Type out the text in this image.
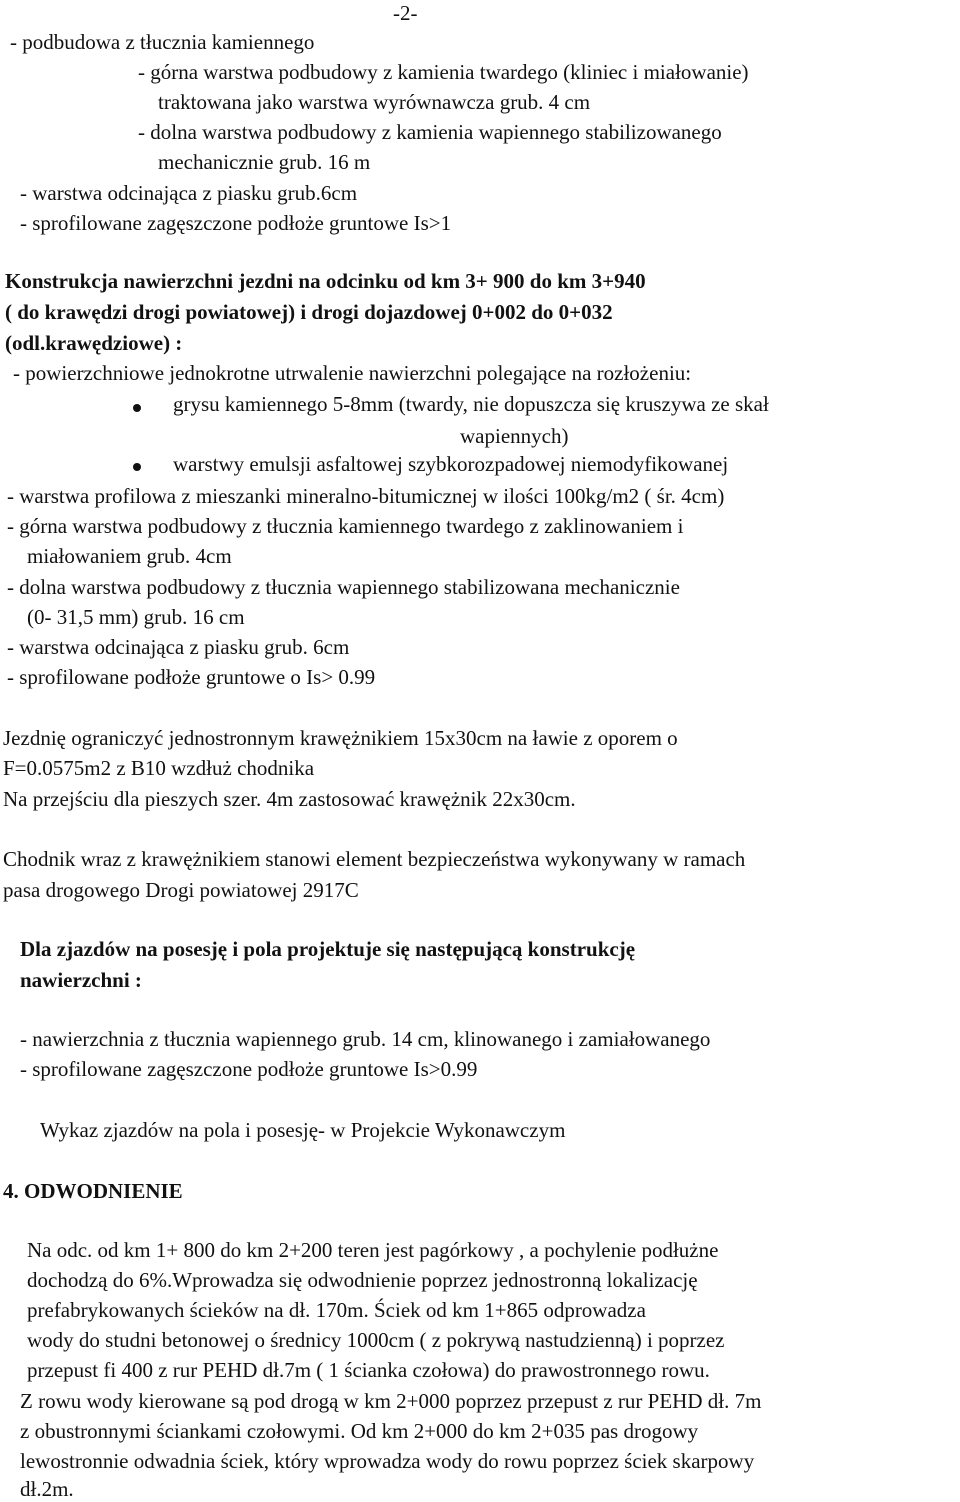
-2-
- podbudowa z tłucznia kamiennego
- górna warstwa podbudowy z kamienia twardego (kliniec i miałowanie)
traktowana jako warstwa wyrównawcza grub. 4 cm
- dolna warstwa podbudowy z kamienia wapiennego stabilizowanego
mechanicznie grub. 16 m
- warstwa odcinająca z piasku grub.6cm
- sprofilowane zagęszczone podłoże gruntowe Is>1
Konstrukcja nawierzchni jezdni na odcinku od km 3+ 900 do km 3+940
( do krawędzi drogi powiatowej) i drogi dojazdowej 0+002 do 0+032
(odl.krawędziowe) :
- powierzchniowe jednokrotne utrwalenie nawierzchni polegające na rozłożeniu:
grysu kamiennego 5-8mm (twardy, nie dopuszcza się kruszywa ze skał
wapiennych)
warstwy emulsji asfaltowej szybkorozpadowej niemodyfikowanej
- warstwa profilowa z mieszanki mineralno-bitumicznej w ilości 100kg/m2 ( śr. 4cm)
- górna warstwa podbudowy z tłucznia kamiennego twardego z zaklinowaniem i
miałowaniem grub. 4cm
- dolna warstwa podbudowy z tłucznia wapiennego stabilizowana mechanicznie
(0- 31,5 mm) grub. 16 cm
- warstwa odcinająca z piasku grub. 6cm
- sprofilowane podłoże gruntowe o Is> 0.99
Jezdnię ograniczyć jednostronnym krawężnikiem 15x30cm na ławie z oporem o
F=0.0575m2 z B10 wzdłuż chodnika
Na przejściu dla pieszych szer. 4m zastosować krawężnik 22x30cm.
Chodnik wraz z krawężnikiem stanowi element bezpieczeństwa wykonywany w ramach
pasa drogowego Drogi powiatowej 2917C
Dla zjazdów na posesję i pola projektuje się następującą konstrukcję
nawierzchni :
- nawierzchnia z tłucznia wapiennego grub. 14 cm, klinowanego i zamiałowanego
- sprofilowane zagęszczone podłoże gruntowe Is>0.99
Wykaz zjazdów na pola i posesję- w Projekcie Wykonawczym
4. ODWODNIENIE
Na odc. od km 1+ 800 do km 2+200 teren jest pagórkowy , a pochylenie podłużne
dochodzą do 6%.Wprowadza się odwodnienie poprzez jednostronną lokalizację
prefabrykowanych ścieków na dł. 170m. Ściek od km 1+865 odprowadza
wody do studni betonowej o średnicy 1000cm ( z pokrywą nastudzienną) i poprzez
przepust fi 400 z rur PEHD dł.7m ( 1 ścianka czołowa) do prawostronnego rowu.
Z rowu wody kierowane są pod drogą w km 2+000 poprzez przepust z rur PEHD dł. 7m
z obustronnymi ściankami czołowymi. Od km 2+000 do km 2+035 pas drogowy
lewostronnie odwadnia ściek, który wprowadza wody do rowu poprzez ściek skarpowy
dł.2m.
